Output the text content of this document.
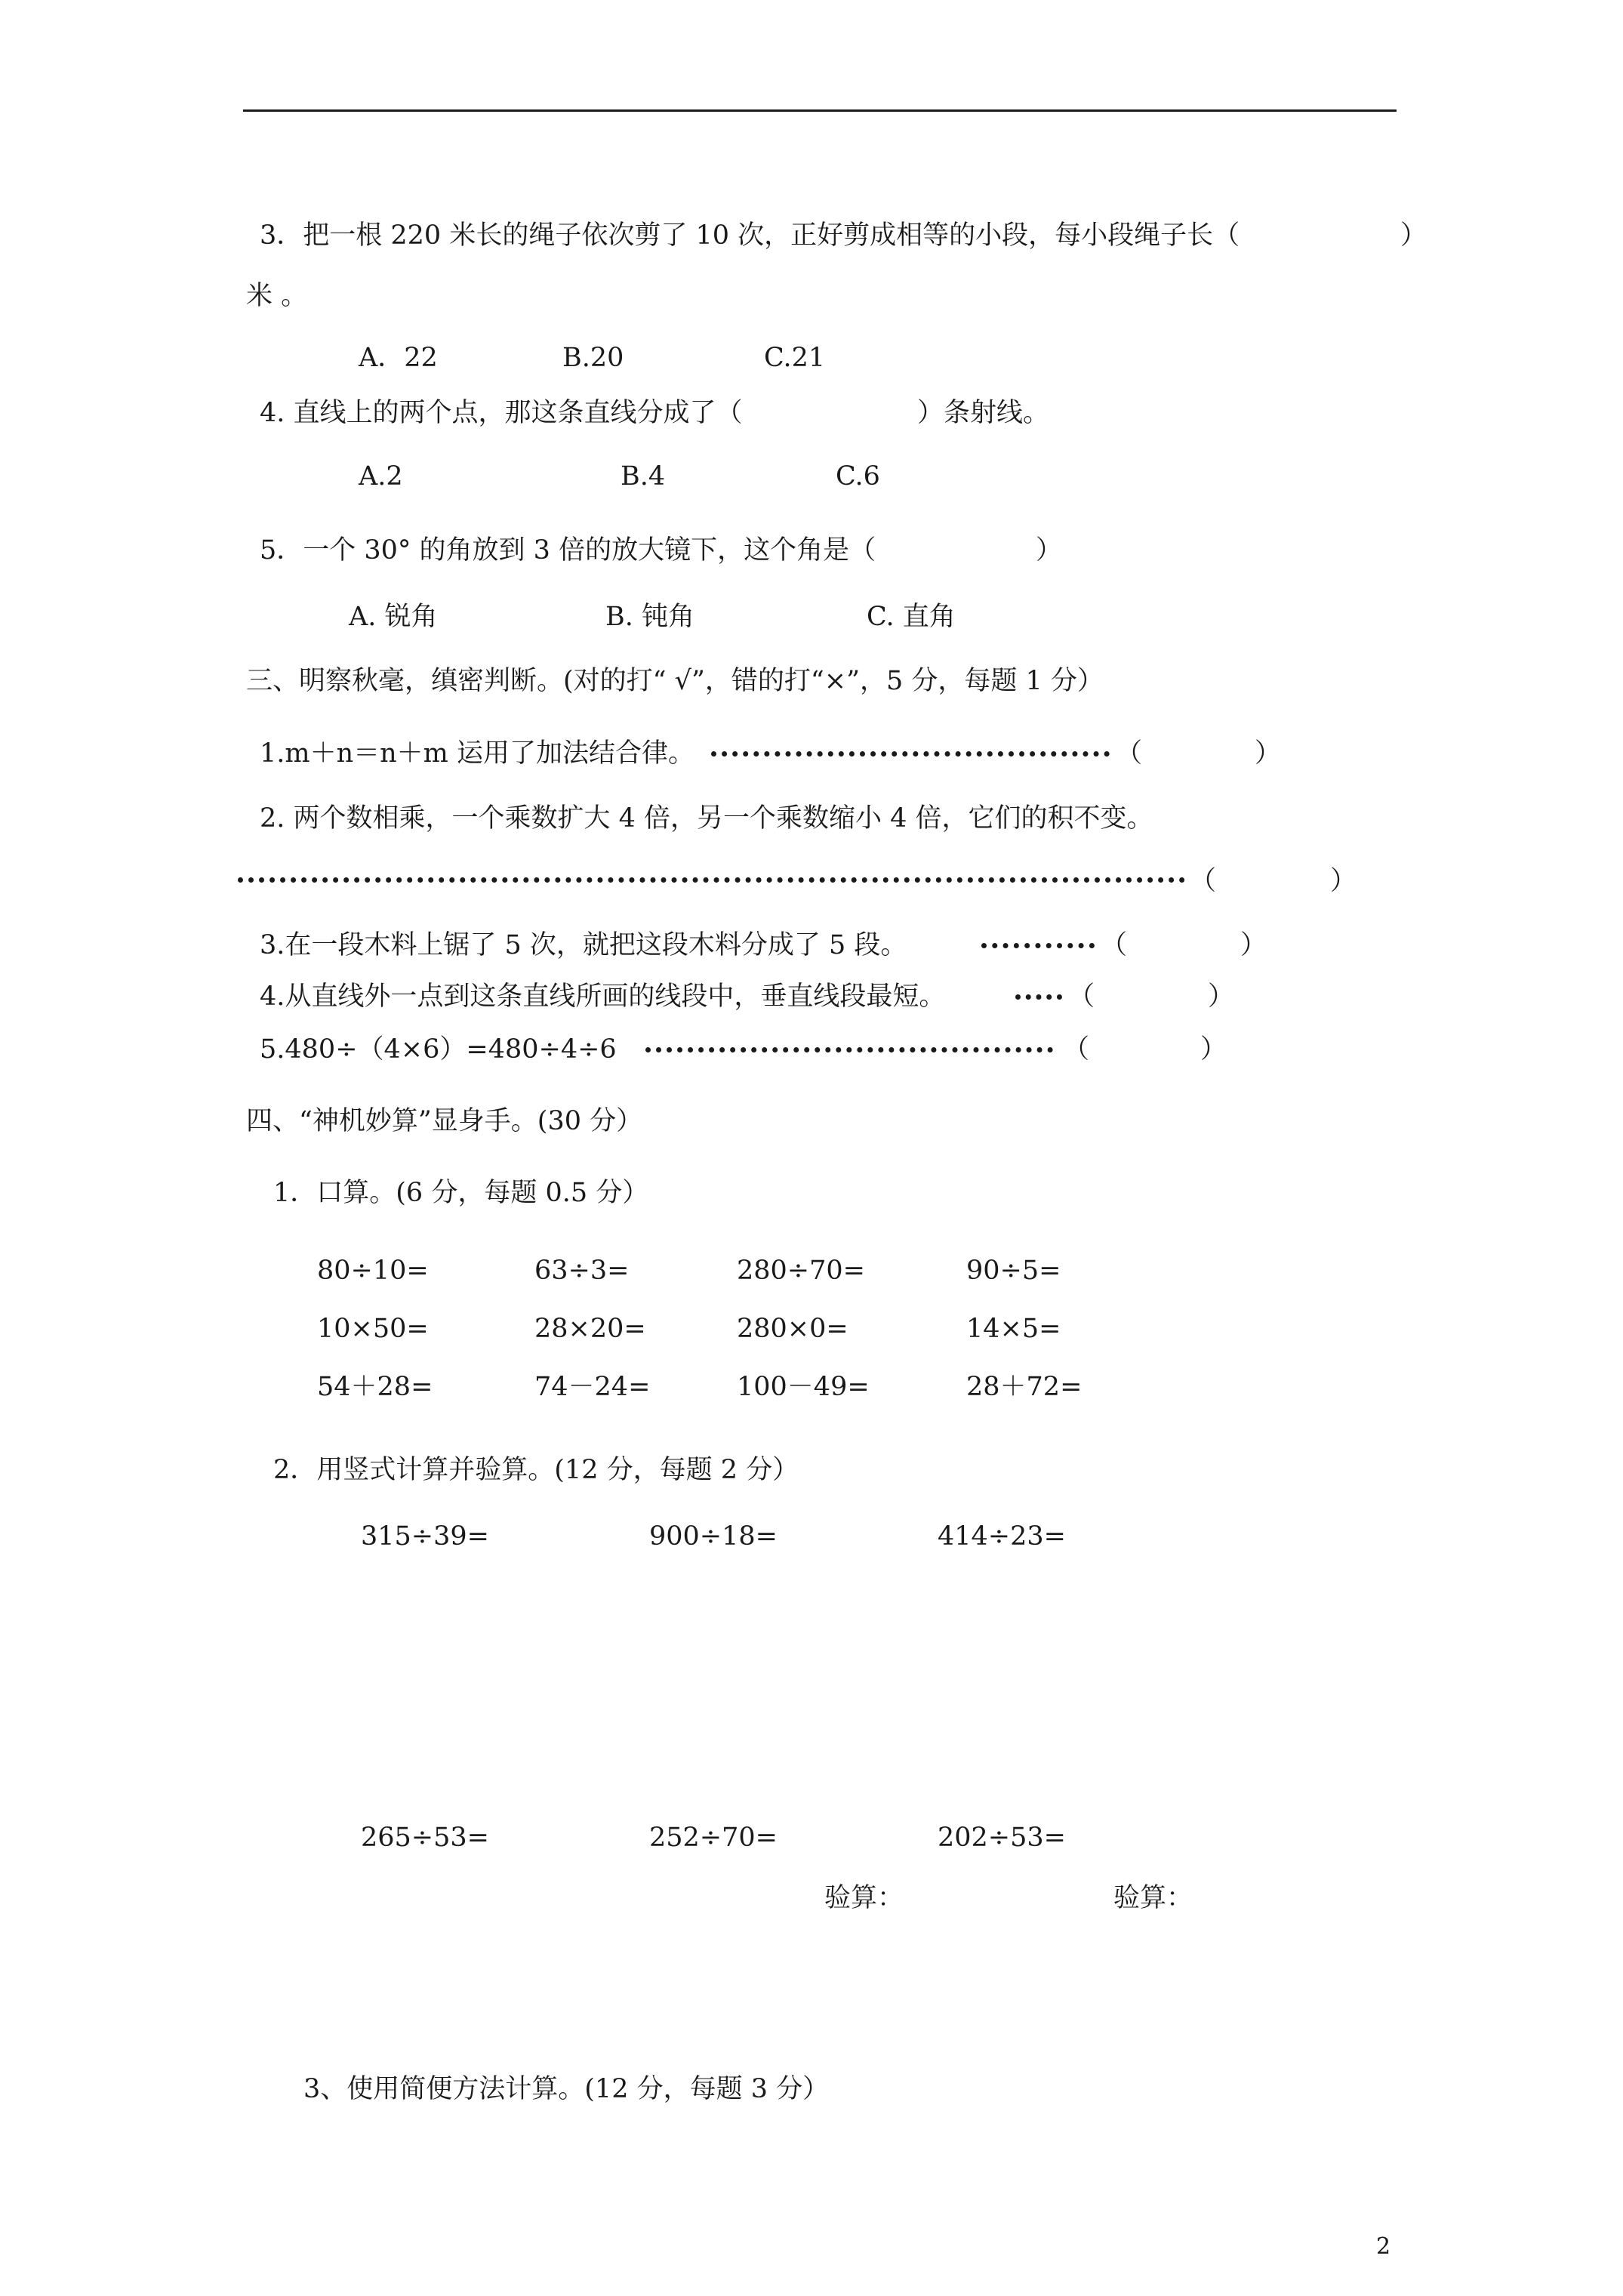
3．把一根 220 米长的绳子依次剪了 10 次，正好剪成相等的小段，每小段绳子长（	）
米 。
A．22	B.20	C.21
4. 直线上的两个点，那这条直线分成了（	）条射线。
A.2	B.4	C.6
5．一个 30° 的角放到 3 倍的放大镜下，这个角是（	）
A. 锐角	B. 钝角	C. 直角
三、明察秋毫，缜密判断。(对的打“ √”，错的打“×”，5 分，每题 1 分）
1.m＋n＝n＋m 运用了加法结合律。	（	）
2. 两个数相乘，一个乘数扩大 4 倍，另一个乘数缩小 4 倍，它们的积不变。
（	）
3.在一段木料上锯了 5 次，就把这段木料分成了 5 段。	（	）
4.从直线外一点到这条直线所画的线段中，垂直线段最短。	（	）
5.480÷（4×6）=480÷4÷6	（	）
四、“神机妙算”显身手。(30 分）
1．口算。(6 分，每题 0.5 分）
80÷10=	63÷3=	280÷70=	90÷5=
10×50=	28×20=	280×0=	14×5=
54＋28=	74－24=	100－49=	28＋72=
2．用竖式计算并验算。(12 分，每题 2 分）
315÷39=	900÷18=	414÷23=
265÷53=	252÷70=	202÷53=
验算：	验算：
3、使用简便方法计算。(12 分，每题 3 分）
2
